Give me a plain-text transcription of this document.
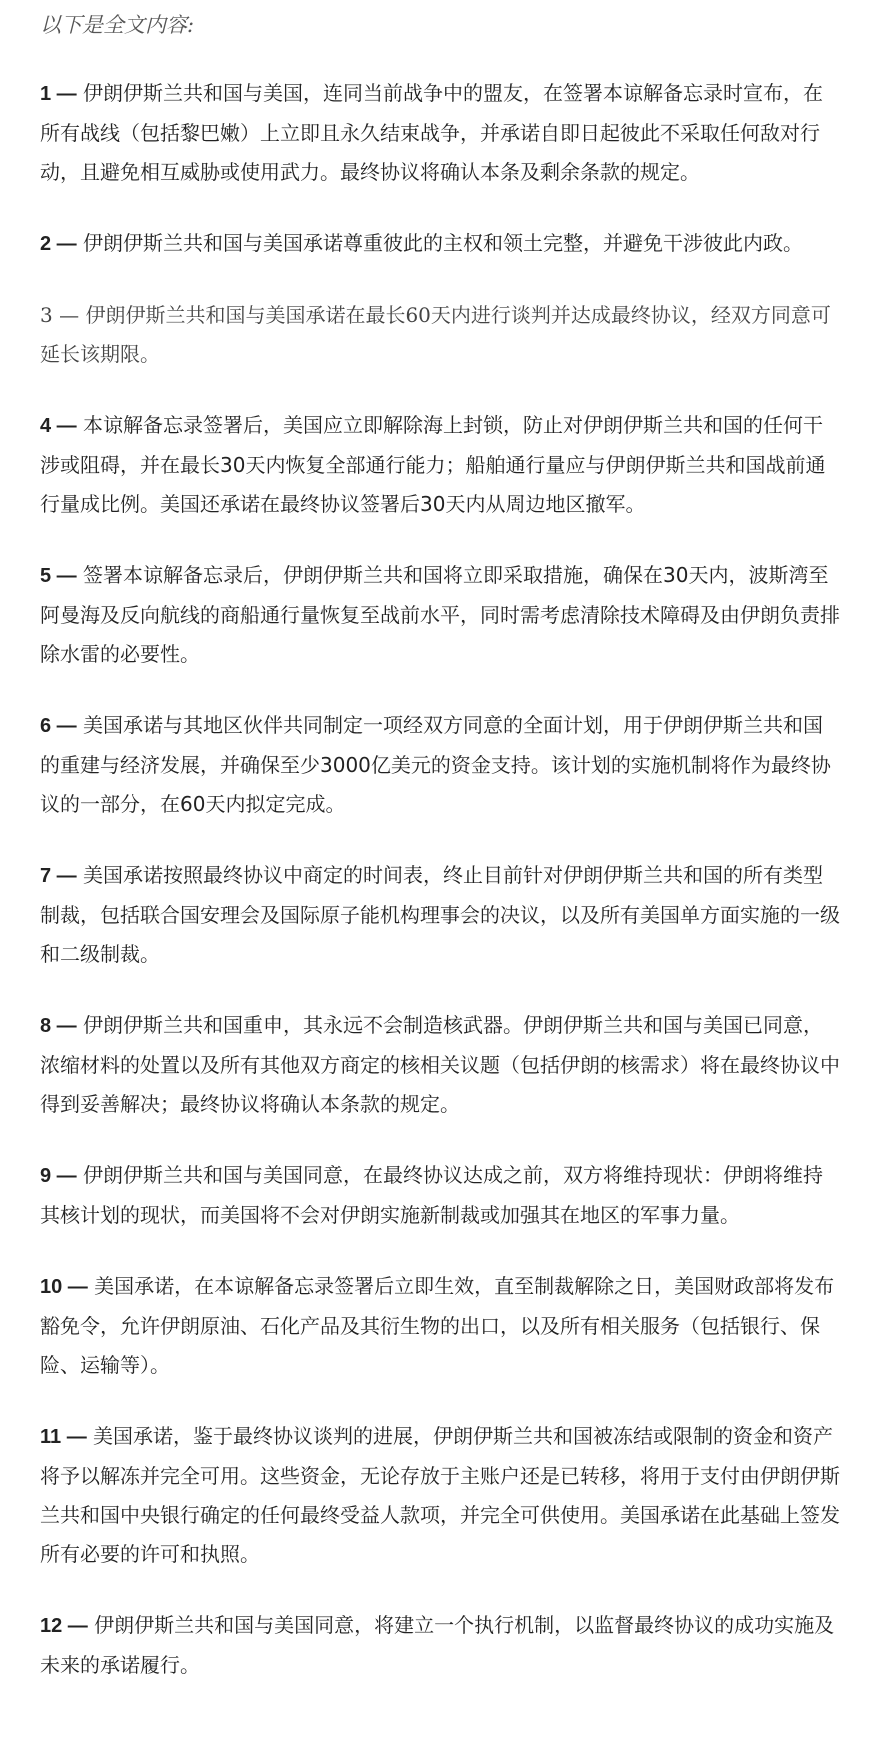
以下是全文内容:

1 — 伊朗伊斯兰共和国与美国，连同当前战争中的盟友，在签署本谅解备忘录时宣布，在所有战线（包括黎巴嫩）上立即且永久结束战争，并承诺自即日起彼此不采取任何敌对行动，且避免相互威胁或使用武力。最终协议将确认本条及剩余条款的规定。

2 — 伊朗伊斯兰共和国与美国承诺尊重彼此的主权和领土完整，并避免干涉彼此内政。

3 — 伊朗伊斯兰共和国与美国承诺在最长60天内进行谈判并达成最终协议，经双方同意可延长该期限。

4 — 本谅解备忘录签署后，美国应立即解除海上封锁，防止对伊朗伊斯兰共和国的任何干涉或阻碍，并在最长30天内恢复全部通行能力；船舶通行量应与伊朗伊斯兰共和国战前通行量成比例。美国还承诺在最终协议签署后30天内从周边地区撤军。

5 — 签署本谅解备忘录后，伊朗伊斯兰共和国将立即采取措施，确保在30天内，波斯湾至阿曼海及反向航线的商船通行量恢复至战前水平，同时需考虑清除技术障碍及由伊朗负责排除水雷的必要性。

6 — 美国承诺与其地区伙伴共同制定一项经双方同意的全面计划，用于伊朗伊斯兰共和国的重建与经济发展，并确保至少3000亿美元的资金支持。该计划的实施机制将作为最终协议的一部分，在60天内拟定完成。

7 — 美国承诺按照最终协议中商定的时间表，终止目前针对伊朗伊斯兰共和国的所有类型制裁，包括联合国安理会及国际原子能机构理事会的决议，以及所有美国单方面实施的一级和二级制裁。

8 — 伊朗伊斯兰共和国重申，其永远不会制造核武器。伊朗伊斯兰共和国与美国已同意，浓缩材料的处置以及所有其他双方商定的核相关议题（包括伊朗的核需求）将在最终协议中得到妥善解决；最终协议将确认本条款的规定。

9 — 伊朗伊斯兰共和国与美国同意，在最终协议达成之前，双方将维持现状：伊朗将维持其核计划的现状，而美国将不会对伊朗实施新制裁或加强其在地区的军事力量。

10 — 美国承诺，在本谅解备忘录签署后立即生效，直至制裁解除之日，美国财政部将发布豁免令，允许伊朗原油、石化产品及其衍生物的出口，以及所有相关服务（包括银行、保险、运输等）。

11 — 美国承诺，鉴于最终协议谈判的进展，伊朗伊斯兰共和国被冻结或限制的资金和资产将予以解冻并完全可用。这些资金，无论存放于主账户还是已转移，将用于支付由伊朗伊斯兰共和国中央银行确定的任何最终受益人款项，并完全可供使用。美国承诺在此基础上签发所有必要的许可和执照。

12 — 伊朗伊斯兰共和国与美国同意，将建立一个执行机制，以监督最终协议的成功实施及未来的承诺履行。
